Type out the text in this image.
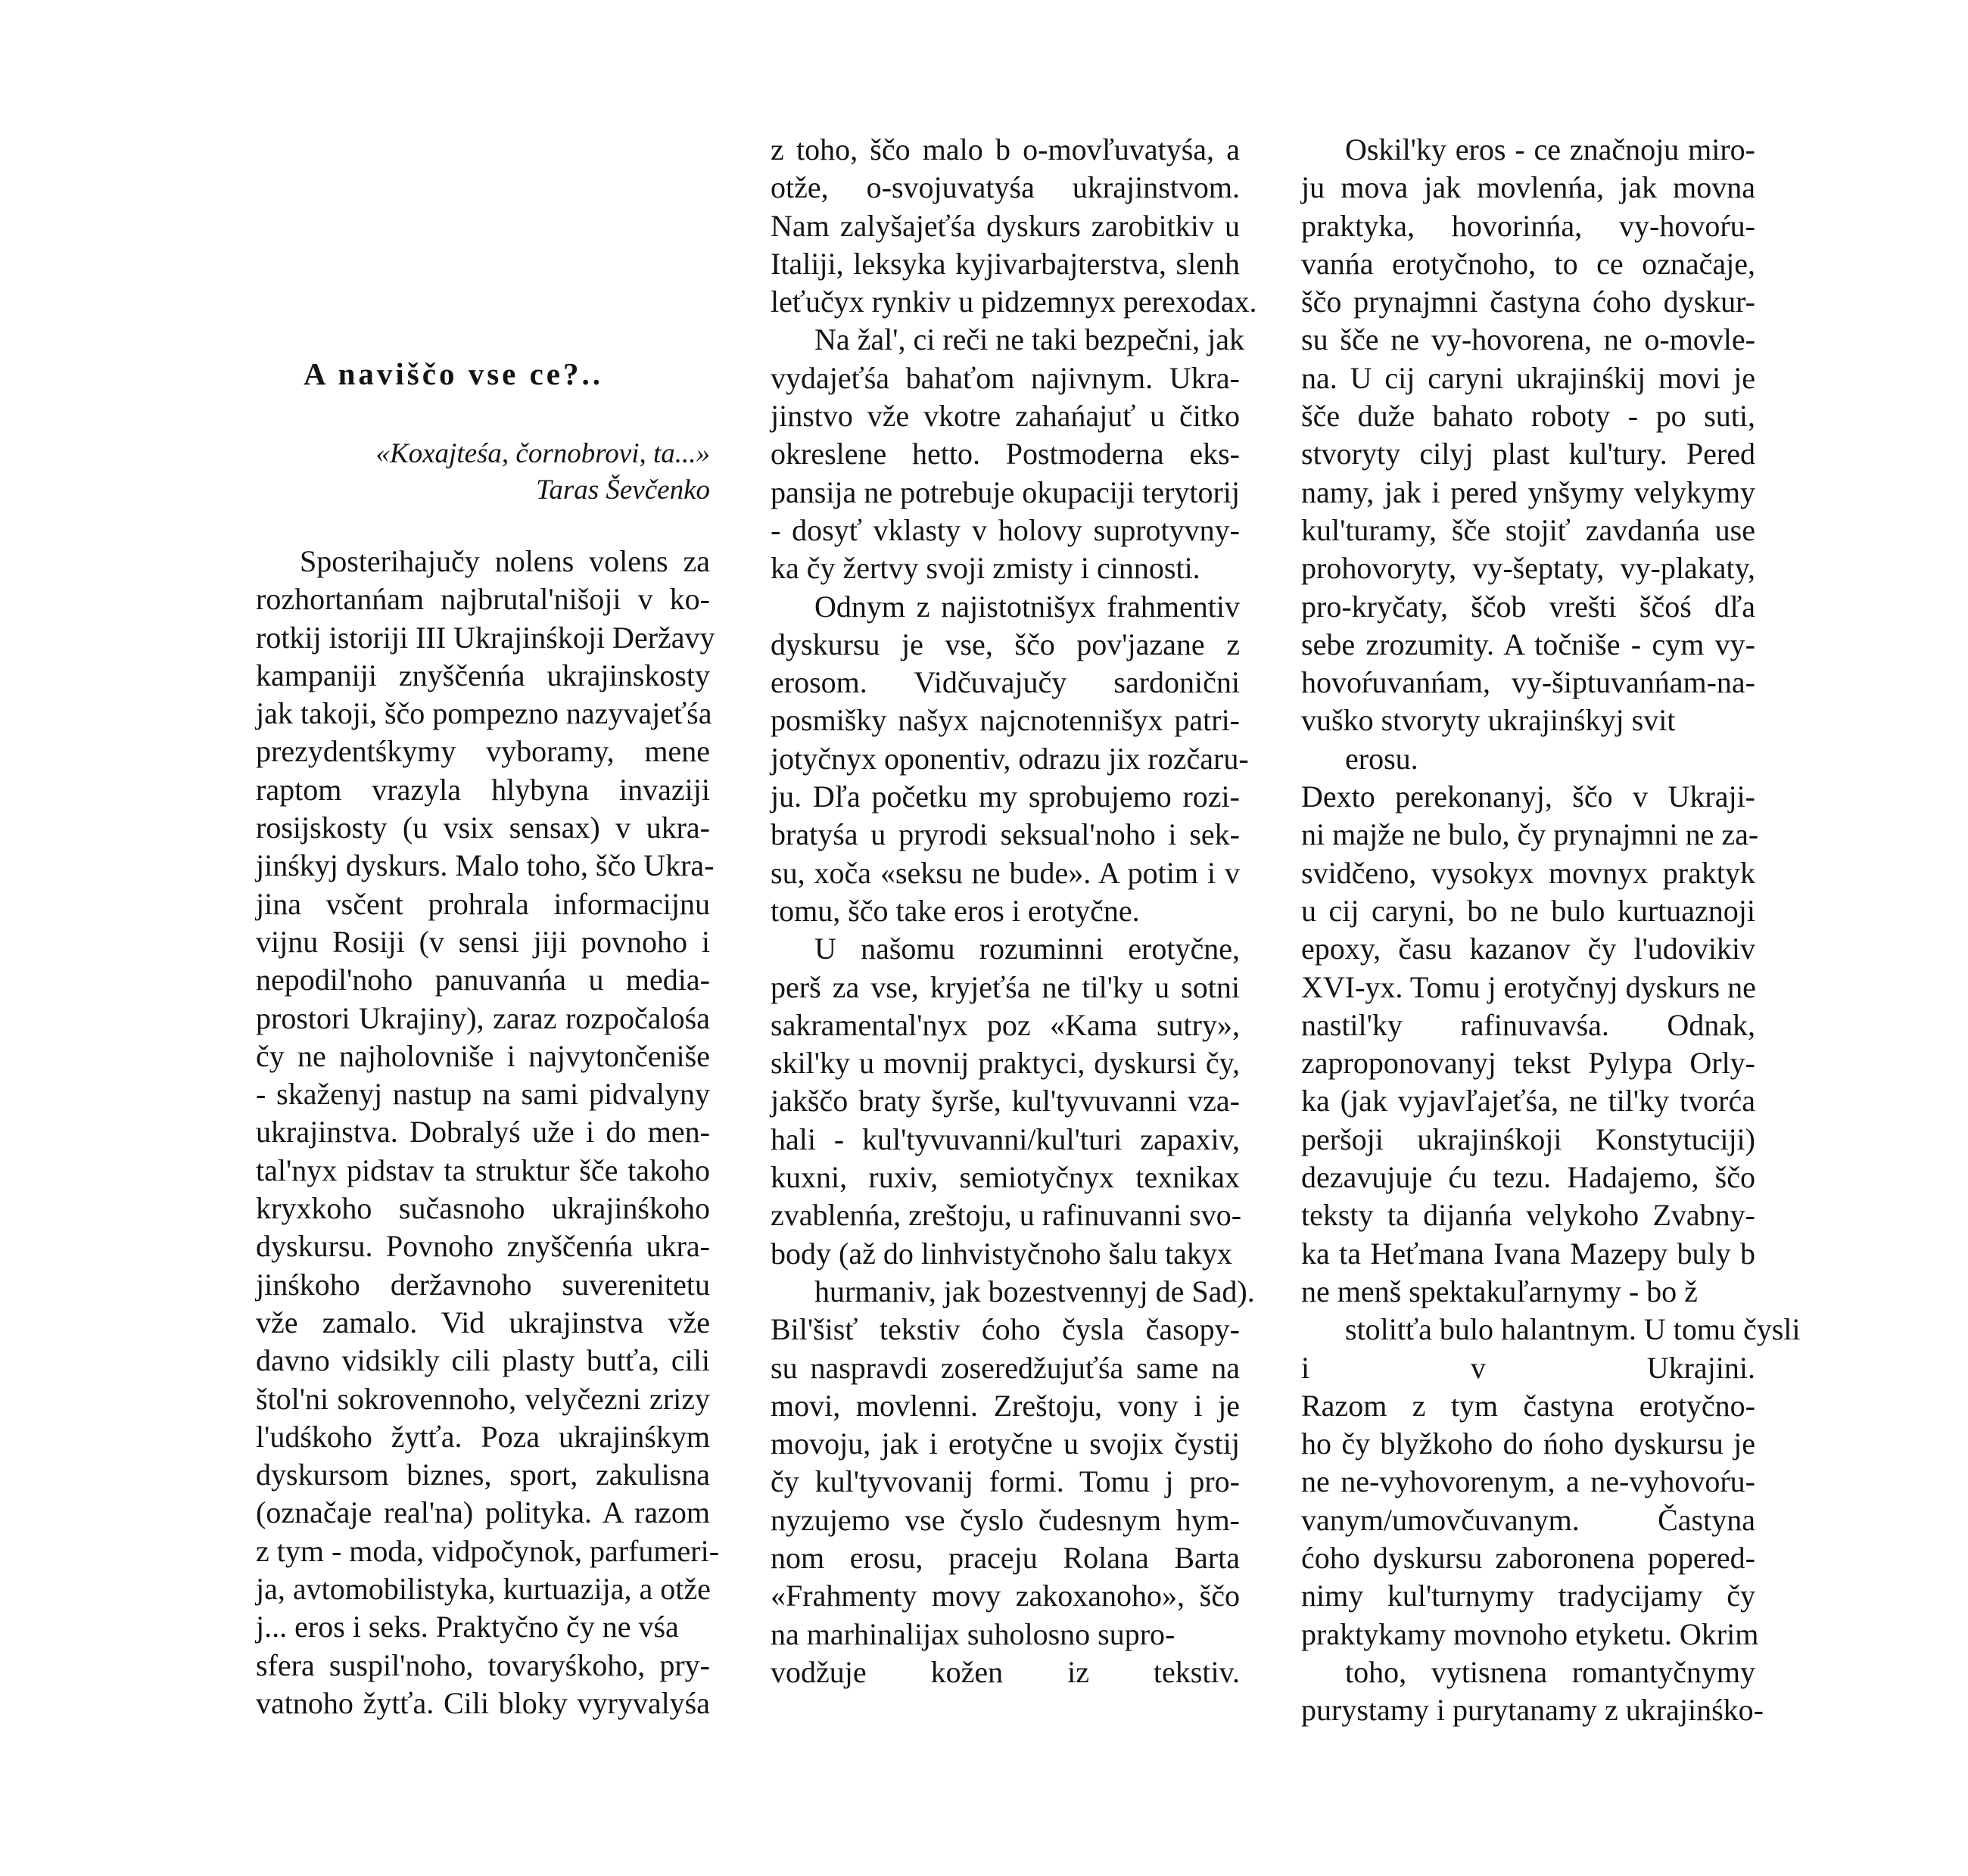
A naviščo vse ce?..
«Koxajteśa, čornobrovi, ta...»
Taras Ševčenko
Sposterihajučy nolens volens za
rozhortanńam najbrutal'nišoji v ko-
rotkij istoriji III Ukrajinśkoji Deržavy
kampaniji znyščenńa ukrajinskosty
jak takoji, ščo pompezno nazyvajeťśa
prezydentśkymy vyboramy, mene
raptom vrazyla hlybyna invaziji
rosijskosty (u vsix sensax) v ukra-
jinśkyj dyskurs. Malo toho, ščo Ukra-
jina vsčent prohrala informacijnu
vijnu Rosiji (v sensi jiji povnoho i
nepodil'noho panuvanńa u media-
prostori Ukrajiny), zaraz rozpočalośa
čy ne najholovniše i najvytončeniše
- skaženyj nastup na sami pidvalyny
ukrajinstva. Dobralyś uže i do men-
tal'nyx pidstav ta struktur šče takoho
kryxkoho sučasnoho ukrajinśkoho
dyskursu. Povnoho znyščenńa ukra-
jinśkoho deržavnoho suverenitetu
vže zamalo. Vid ukrajinstva vže
davno vidsikly cili plasty butťa, cili
štol'ni sokrovennoho, velyčezni zrizy
l'udśkoho žytťa. Poza ukrajinśkym
dyskursom biznes, sport, zakulisna
(označaje real'na) polityka. A razom
z tym - moda, vidpočynok, parfumeri-
ja, avtomobilistyka, kurtuazija, a otže
j... eros i seks. Praktyčno čy ne vśa
sfera suspil'noho, tovaryśkoho, pry-
vatnoho žytťa. Cili bloky vyryvalyśa
z toho, ščo malo b o-movľuvatyśa, a
otže, o-svojuvatyśa ukrajinstvom.
Nam zalyšajeťśa dyskurs zarobitkiv u
Italiji, leksyka kyjivarbajterstva, slenh
leťučyx rynkiv u pidzemnyx perexodax.
Na žal', ci reči ne taki bezpečni, jak
vydajeťśa bahaťom najivnym. Ukra-
jinstvo vže vkotre zahańajuť u čitko
okreslene hetto. Postmoderna eks-
pansija ne potrebuje okupaciji terytorij
- dosyť vklasty v holovy suprotyvny-
ka čy žertvy svoji zmisty i cinnosti.
Odnym z najistotnišyx frahmentiv
dyskursu je vse, ščo pov'jazane z
erosom. Vidčuvajučy sardonični
posmišky našyx najcnotennišyx patri-
jotyčnyx oponentiv, odrazu jix rozčaru-
ju. Dľa početku my sprobujemo rozi-
bratyśa u pryrodi seksual'noho i sek-
su, xoča «seksu ne bude». A potim i v
tomu, ščo take eros i erotyčne.
U našomu rozuminni erotyčne,
perš za vse, kryjeťśa ne til'ky u sotni
sakramental'nyx poz «Kama sutry»,
skil'ky u movnij praktyci, dyskursi čy,
jakščo braty šyrše, kul'tyvuvanni vza-
hali - kul'tyvuvanni/kul'turi zapaxiv,
kuxni, ruxiv, semiotyčnyx texnikax
zvablenńa, zreštoju, u rafinuvanni svo-
body (až do linhvistyčnoho šalu takyx
hurmaniv, jak bozestvennyj de Sad).
Bil'šisť tekstiv ćoho čysla časopy-
su naspravdi zoseredžujuťśa same na
movi, movlenni. Zreštoju, vony i je
movoju, jak i erotyčne u svojix čystij
čy kul'tyvovanij formi. Tomu j pro-
nyzujemo vse čyslo čudesnym hym-
nom erosu, praceju Rolana Barta
«Frahmenty movy zakoxanoho», ščo
na marhinalijax suholosno supro-
vodžuje kožen iz tekstiv.
Oskil'ky eros - ce značnoju miro-
ju mova jak movlenńa, jak movna
praktyka, hovorinńa, vy-hovoŕu-
vanńa erotyčnoho, to ce označaje,
ščo prynajmni častyna ćoho dyskur-
su šče ne vy-hovorena, ne o-movle-
na. U cij caryni ukrajinśkij movi je
šče duže bahato roboty - po suti,
stvoryty cilyj plast kul'tury. Pered
namy, jak i pered ynšymy velykymy
kul'turamy, šče stojiť zavdanńa use
prohovoryty, vy-šeptaty, vy-plakaty,
pro-kryčaty, ščob vrešti ščoś dľa
sebe zrozumity. A točniše - cym vy-
hovoŕuvanńam, vy-šiptuvanńam-na-
vuško stvoryty ukrajinśkyj svit
erosu.
Dexto perekonanyj, ščo v Ukraji-
ni majže ne bulo, čy prynajmni ne za-
svidčeno, vysokyx movnyx praktyk
u cij caryni, bo ne bulo kurtuaznoji
epoxy, času kazanov čy l'udovikiv
XVI-yx. Tomu j erotyčnyj dyskurs ne
nastil'ky rafinuvavśa. Odnak,
zaproponovanyj tekst Pylypa Orly-
ka (jak vyjavľajeťśa, ne til'ky tvorća
peršoji ukrajinśkoji Konstytuciji)
dezavujuje ću tezu. Hadajemo, ščo
teksty ta dijanńa velykoho Zvabny-
ka ta Heťmana Ivana Mazepy buly b
ne menš spektakuľarnymy - bo ž
stolitťa bulo halantnym. U tomu čysli
i v Ukrajini.
Razom z tym častyna erotyčno-
ho čy blyžkoho do ńoho dyskursu je
ne ne-vyhovorenym, a ne-vyhovoŕu-
vanym/umovčuvanym. Častyna
ćoho dyskursu zaboronena popered-
nimy kul'turnymy tradycijamy čy
praktykamy movnoho etyketu. Okrim
toho, vytisnena romantyčnymy
purystamy i purytanamy z ukrajinśko-
